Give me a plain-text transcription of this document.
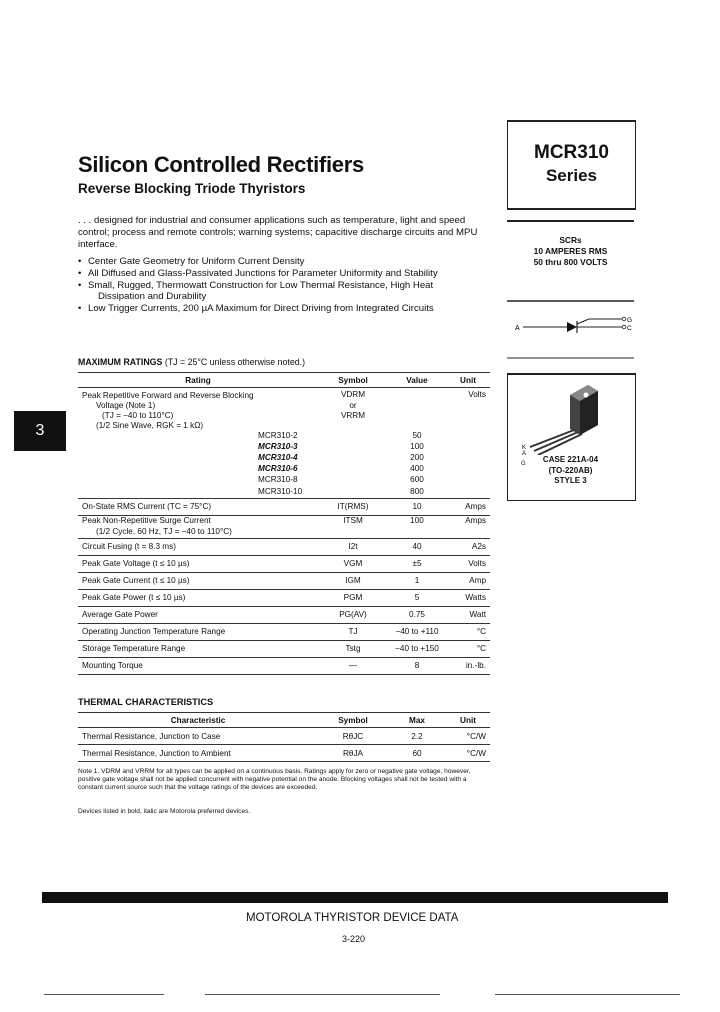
Silicon Controlled Rectifiers
Reverse Blocking Triode Thyristors
. . . designed for industrial and consumer applications such as temperature, light and speed control; process and remote controls; warning systems; capacitive discharge circuits and MPU interface.
• Center Gate Geometry for Uniform Current Density
• All Diffused and Glass-Passivated Junctions for Parameter Uniformity and Stability
• Small, Rugged, Thermowatt Construction for Low Thermal Resistance, High Heat
Dissipation and Durability
• Low Trigger Currents, 200 µA Maximum for Direct Driving from Integrated Circuits
MCR310
Series
SCRs
10 AMPERES RMS
50 thru 800 VOLTS
A
G
C
K
A
G	CASE 221A-04
(TO-220AB)
STYLE 3
3
MAXIMUM RATINGS (TJ = 25°C unless otherwise noted.)
Rating	Symbol	Value	Unit
Peak Repetitive Forward and Reverse Blocking	VDRM		Volts
Voltage (Note 1)	or		
(TJ = −40 to 110°C)	VRRM		
(1/2 Sine Wave, RGK = 1 kΩ)			
MCR310-2		50	
MCR310-3		100	
MCR310-4		200	
MCR310-6		400	
MCR310-8		600	
MCR310-10		800	
On-State RMS Current (TC = 75°C)	IT(RMS)	10	Amps
Peak Non-Repetitive Surge Current	ITSM	100	Amps
(1/2 Cycle, 60 Hz, TJ = −40 to 110°C)			
Circuit Fusing (t = 8.3 ms)	I2t	40	A2s
Peak Gate Voltage (t ≤ 10 µs)	VGM	±5	Volts
Peak Gate Current (t ≤ 10 µs)	IGM	1	Amp
Peak Gate Power (t ≤ 10 µs)	PGM	5	Watts
Average Gate Power	PG(AV)	0.75	Watt
Operating Junction Temperature Range	TJ	−40 to +110	°C
Storage Temperature Range	Tstg	−40 to +150	°C
Mounting Torque	—	8	in.-lb.
THERMAL CHARACTERISTICS
Characteristic	Symbol	Max	Unit
Thermal Resistance, Junction to Case	RθJC	2.2	°C/W
Thermal Resistance, Junction to Ambient	RθJA	60	°C/W
Note 1. VDRM and VRRM for all types can be applied on a continuous basis. Ratings apply for zero or negative gate voltage, however, positive gate voltage shall not be applied concurrent with negative potential on the anode. Blocking voltages shall not be tested with a constant current source such that the voltage ratings of the devices are exceeded.
Devices listed in bold, italic are Motorola preferred devices.
MOTOROLA THYRISTOR DEVICE DATA
3-220
